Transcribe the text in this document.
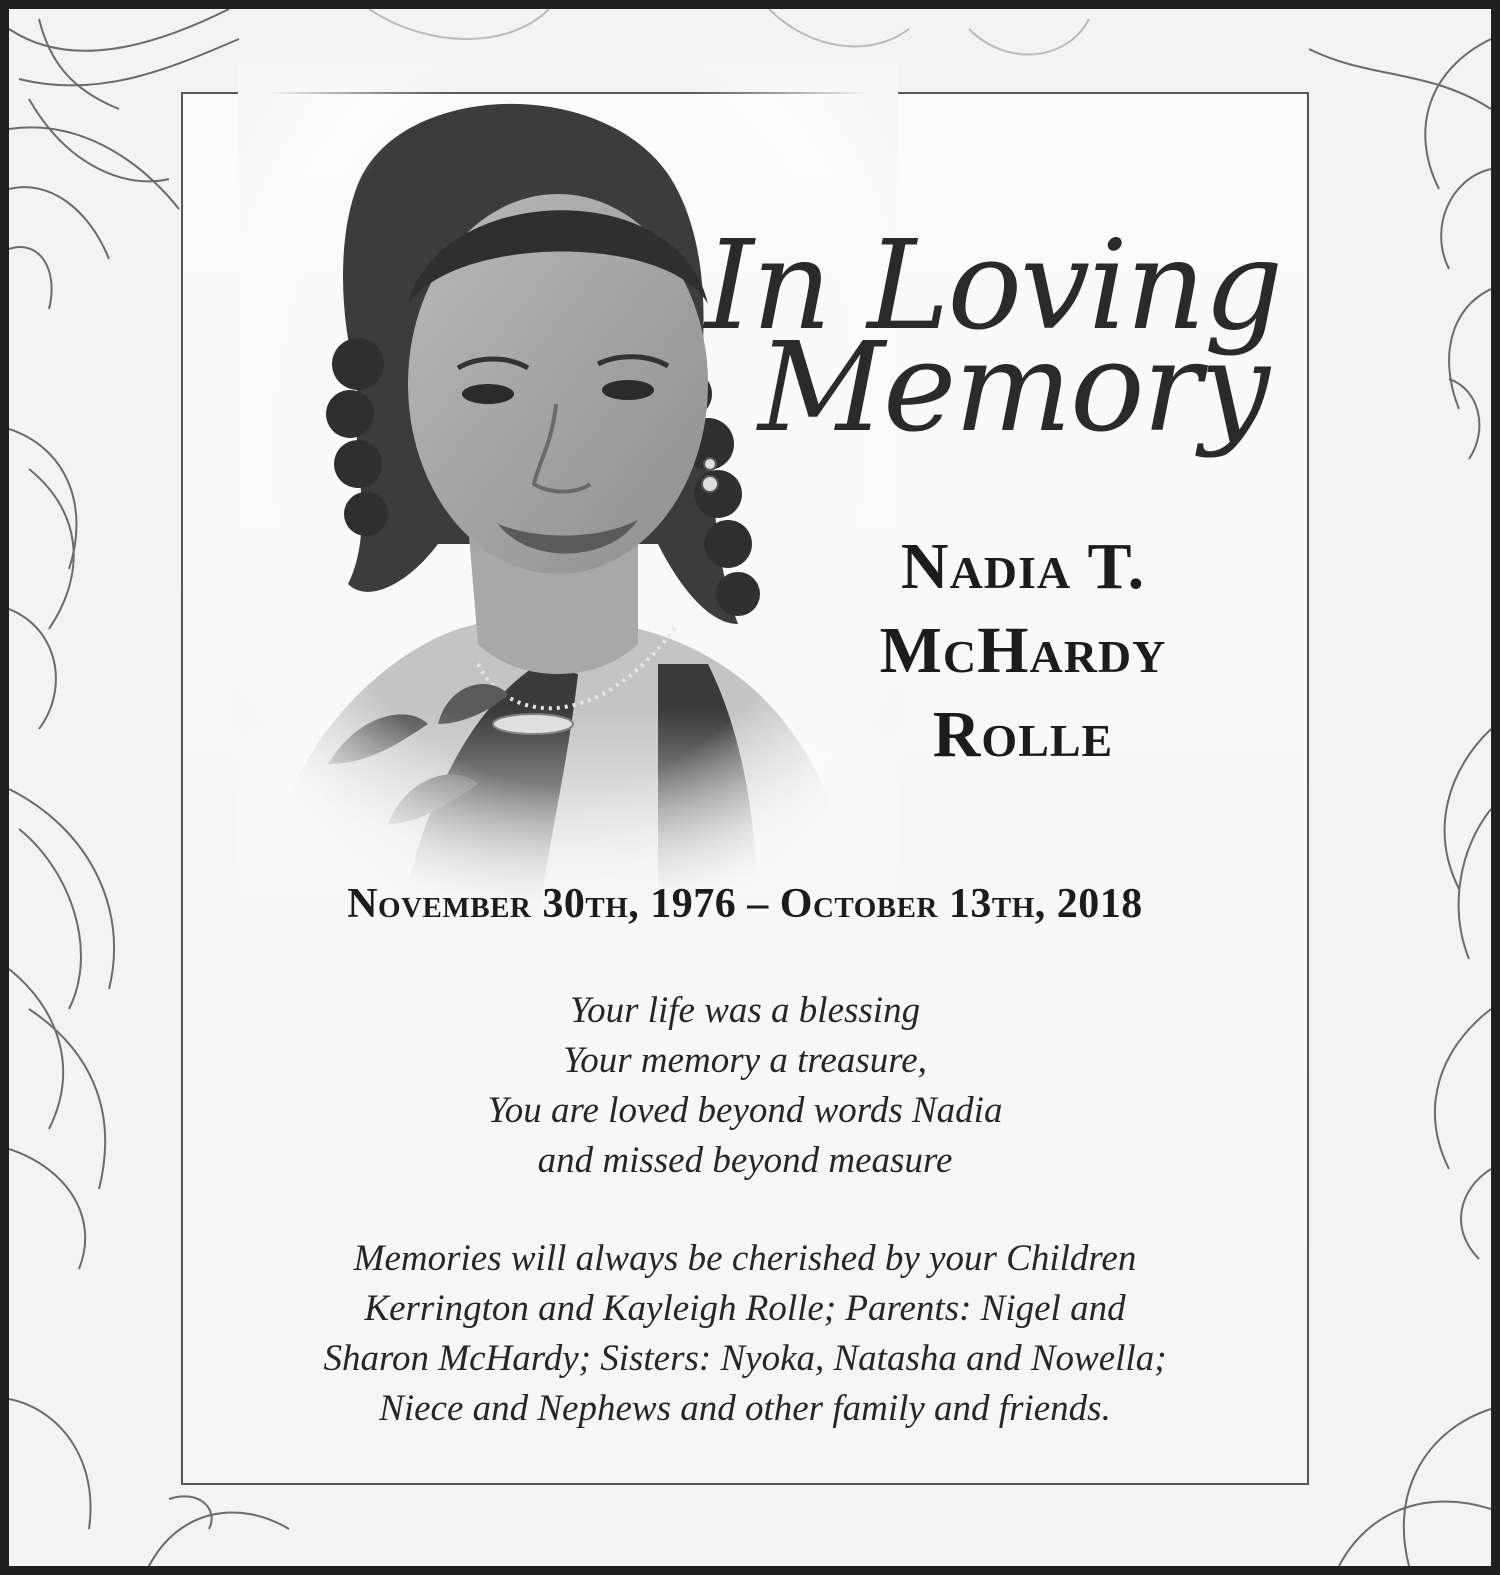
In Loving
Memory
Nadia T.
McHardy
Rolle
November 30th, 1976 – October 13th, 2018
Your life was a blessing
Your memory a treasure,
You are loved beyond words Nadia
and missed beyond measure
Memories will always be cherished by your Children
Kerrington and Kayleigh Rolle; Parents: Nigel and
Sharon McHardy; Sisters: Nyoka, Natasha and Nowella;
Niece and Nephews and other family and friends.
